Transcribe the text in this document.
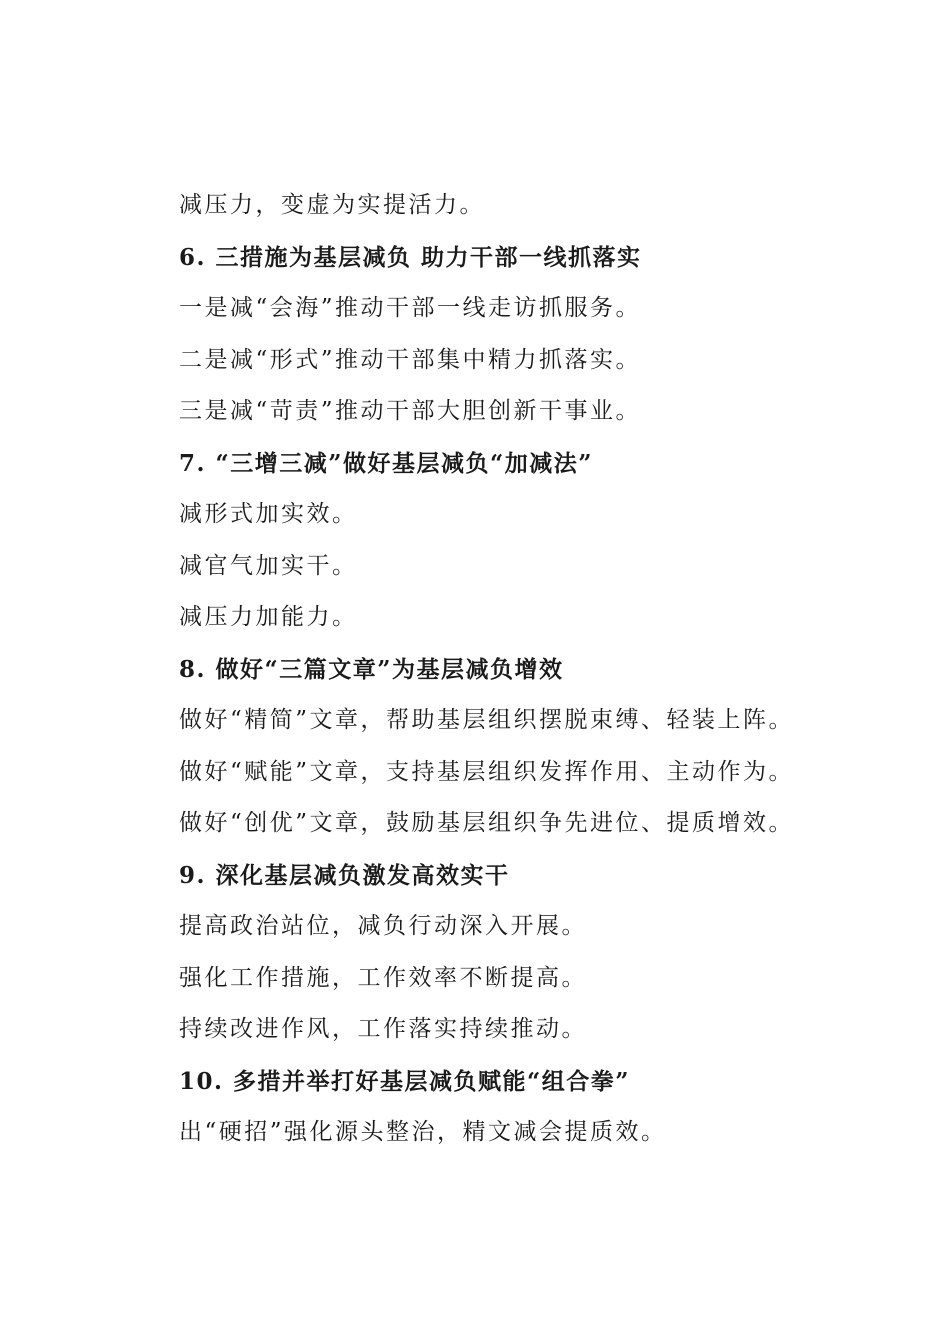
减压力，变虚为实提活力。
6. 三措施为基层减负 助力干部一线抓落实
一是减“会海”推动干部一线走访抓服务。
二是减“形式”推动干部集中精力抓落实。
三是减“苛责”推动干部大胆创新干事业。
7. “三增三减”做好基层减负“加减法”
减形式加实效。
减官气加实干。
减压力加能力。
8. 做好“三篇文章”为基层减负增效
做好“精简”文章，帮助基层组织摆脱束缚、轻装上阵。
做好“赋能”文章，支持基层组织发挥作用、主动作为。
做好“创优”文章，鼓励基层组织争先进位、提质增效。
9. 深化基层减负激发高效实干
提高政治站位，减负行动深入开展。
强化工作措施，工作效率不断提高。
持续改进作风，工作落实持续推动。
10. 多措并举打好基层减负赋能“组合拳”
出“硬招”强化源头整治，精文减会提质效。
